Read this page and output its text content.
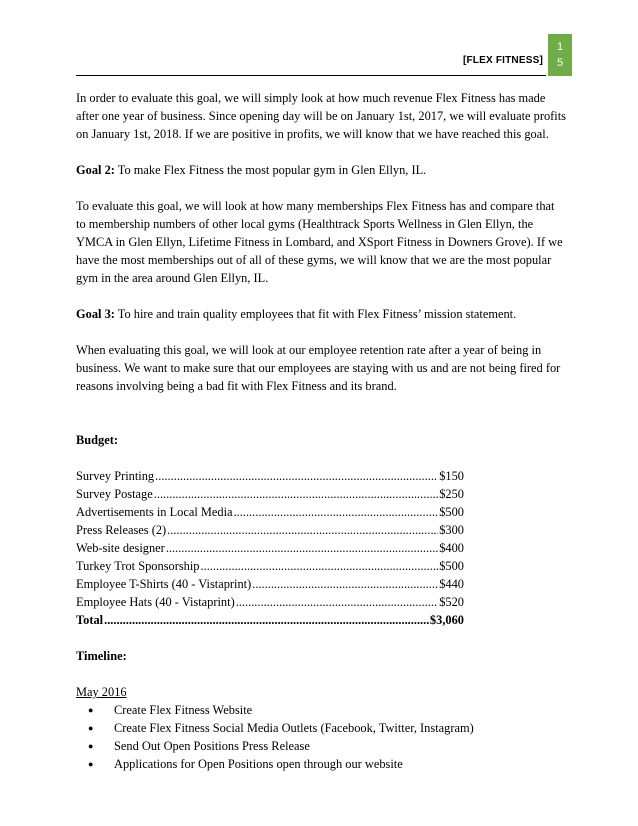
1
5
[FLEX FITNESS]

In order to evaluate this goal, we will simply look at how much revenue Flex Fitness has made after one year of business. Since opening day will be on January 1st, 2017, we will evaluate profits on January 1st, 2018. If we are positive in profits, we will know that we have reached this goal.

Goal 2: To make Flex Fitness the most popular gym in Glen Ellyn, IL.

To evaluate this goal, we will look at how many memberships Flex Fitness has and compare that to membership numbers of other local gyms (Healthtrack Sports Wellness in Glen Ellyn, the YMCA in Glen Ellyn, Lifetime Fitness in Lombard, and XSport Fitness in Downers Grove). If we have the most memberships out of all of these gyms, we will know that we are the most popular gym in the area around Glen Ellyn, IL.

Goal 3: To hire and train quality employees that fit with Flex Fitness’ mission statement.

When evaluating this goal, we will look at our employee retention rate after a year of being in business. We want to make sure that our employees are staying with us and are not being fired for reasons involving being a bad fit with Flex Fitness and its brand.

Budget:
Survey Printing .....	$150
Survey Postage .....	$250
Advertisements in Local Media .....	$500
Press Releases (2) .....	$300
Web-site designer .....	$400
Turkey Trot Sponsorship .....	$500
Employee T-Shirts (40 - Vistaprint) .....	$440
Employee Hats (40 - Vistaprint) .....	$520
Total .....	$3,060
Timeline:
May 2016
● Create Flex Fitness Website
● Create Flex Fitness Social Media Outlets (Facebook, Twitter, Instagram)
● Send Out Open Positions Press Release
● Applications for Open Positions open through our website
